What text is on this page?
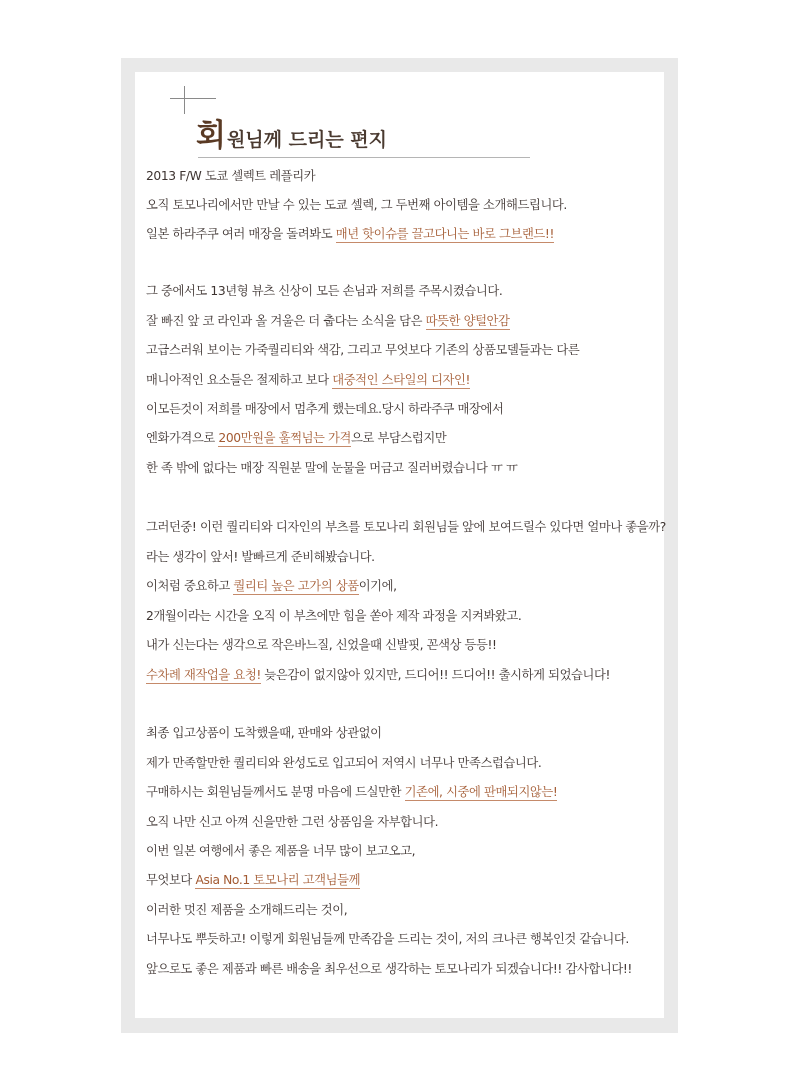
회 원님께 드리는 편지
2013 F/W 도쿄 셀렉트 레플리카
오직 토모나리에서만 만날 수 있는 도쿄 셀렉, 그 두번째 아이템을 소개해드립니다.
일본 하라주쿠 여러 매장을 돌려봐도 매년 핫이슈를 끌고다니는 바로 그브랜드!!
그 중에서도 13년형 뷰츠 신상이 모든 손님과 저희를 주목시켰습니다.
잘 빠진 앞 코 라인과 올 겨울은 더 춥다는 소식을 담은 따뜻한 양털안감
고급스러워 보이는 가죽퀄리티와 색감, 그리고 무엇보다 기존의 상품모델들과는 다른
매니아적인 요소들은 절제하고 보다 대중적인 스타일의 디자인!
이모든것이 저희를 매장에서 멈추게 했는데요.당시 하라주쿠 매장에서
엔화가격으로 200만원을 훌쩍넘는 가격으로 부담스럽지만
한 족 밖에 없다는 매장 직원분 말에 눈물을 머금고 질러버렸습니다 ㅠ ㅠ
그러던중! 이런 퀄리티와 디자인의 부츠를 토모나리 회원님들 앞에 보여드릴수 있다면 얼마나 좋을까?
라는 생각이 앞서! 발빠르게 준비해봤습니다.
이처럼 중요하고 퀄리티 높은 고가의 상품이기에,
2개월이라는 시간을 오직 이 부츠에만 힘을 쏟아 제작 과정을 지켜봐왔고.
내가 신는다는 생각으로 작은바느질, 신었을때 신발핏, 꼰색상 등등!!
수차례 재작업을 요청! 늦은감이 없지않아 있지만, 드디어!! 드디어!! 출시하게 되었습니다!
최종 입고상품이 도착했을때, 판매와 상관없이
제가 만족할만한 퀄리티와 완성도로 입고되어 저역시 너무나 만족스럽습니다.
구매하시는 회원님들께서도 분명 마음에 드실만한 기존에, 시중에 판매되지않는!
오직 나만 신고 아껴 신을만한 그런 상품임을 자부합니다.
이번 일본 여행에서 좋은 제품을 너무 많이 보고오고,
무엇보다 Asia No.1 토모나리 고객님들께
이러한 멋진 제품을 소개해드리는 것이,
너무나도 뿌듯하고! 이렇게 회원님들께 만족감을 드리는 것이, 저의 크나큰 행복인것 같습니다.
앞으로도 좋은 제품과 빠른 배송을 최우선으로 생각하는 토모나리가 되겠습니다!! 감사합니다!!
